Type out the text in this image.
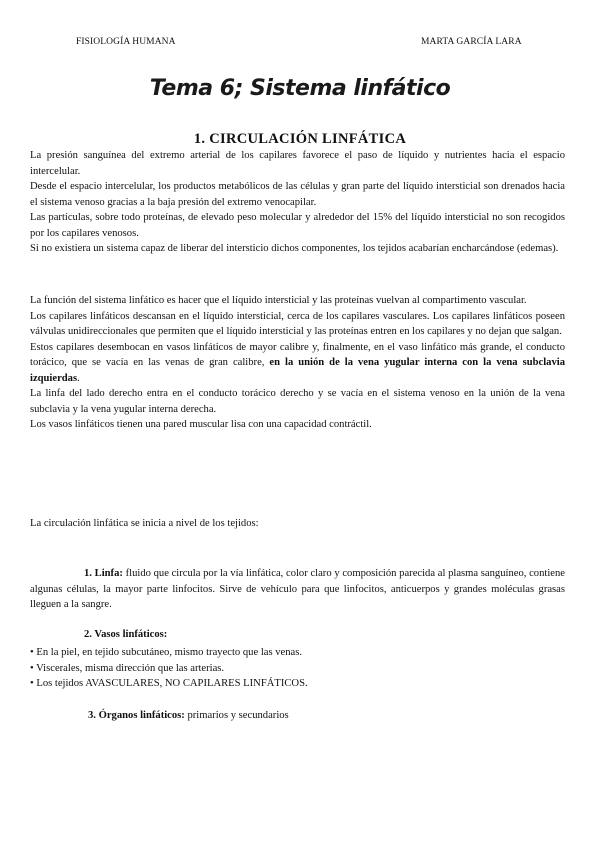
FISIOLOGÍA HUMANA	MARTA GARCÍA LARA
Tema 6; Sistema linfático
1. CIRCULACIÓN LINFÁTICA

La presión sanguínea del extremo arterial de los capilares favorece el paso de líquido y nutrientes hacia el espacio intercelular.

Desde el espacio intercelular, los productos metabólicos de las células y gran parte del líquido intersticial son drenados hacia el sistema venoso gracias a la baja presión del extremo venocapilar.

Las partículas, sobre todo proteínas, de elevado peso molecular y alrededor del 15% del líquido intersticial no son recogidos por los capilares venosos.

Si no existiera un sistema capaz de liberar del intersticio dichos componentes, los tejidos acabarían encharcándose (edemas).

La función del sistema linfático es hacer que el líquido intersticial y las proteínas vuelvan al compartimento vascular.

Los capilares linfáticos descansan en el líquido intersticial, cerca de los capilares vasculares. Los capilares linfáticos poseen válvulas unidireccionales que permiten que el líquido intersticial y las proteínas entren en los capilares y no dejan que salgan.

Estos capilares desembocan en vasos linfáticos de mayor calibre y, finalmente, en el vaso linfático más grande, el conducto torácico, que se vacía en las venas de gran calibre, en la unión de la vena yugular interna con la vena subclavia izquierdas.

La linfa del lado derecho entra en el conducto torácico derecho y se vacía en el sistema venoso en la unión de la vena subclavia y la vena yugular interna derecha.

Los vasos linfáticos tienen una pared muscular lisa con una capacidad contráctil.

La circulación linfática se inicia a nivel de los tejidos:
1. Linfa: fluido que circula por la vía linfática, color claro y composición parecida al plasma sanguíneo, contiene algunas células, la mayor parte linfocitos. Sirve de vehículo para que linfocitos, anticuerpos y grandes moléculas grasas lleguen a la sangre.
2. Vasos linfáticos:
• En la piel, en tejido subcutáneo, mismo trayecto que las venas.
• Viscerales, misma dirección que las arterias.
• Los tejidos AVASCULARES, NO CAPILARES LINFÁTICOS.
3. Órganos linfáticos: primarios y secundarios
